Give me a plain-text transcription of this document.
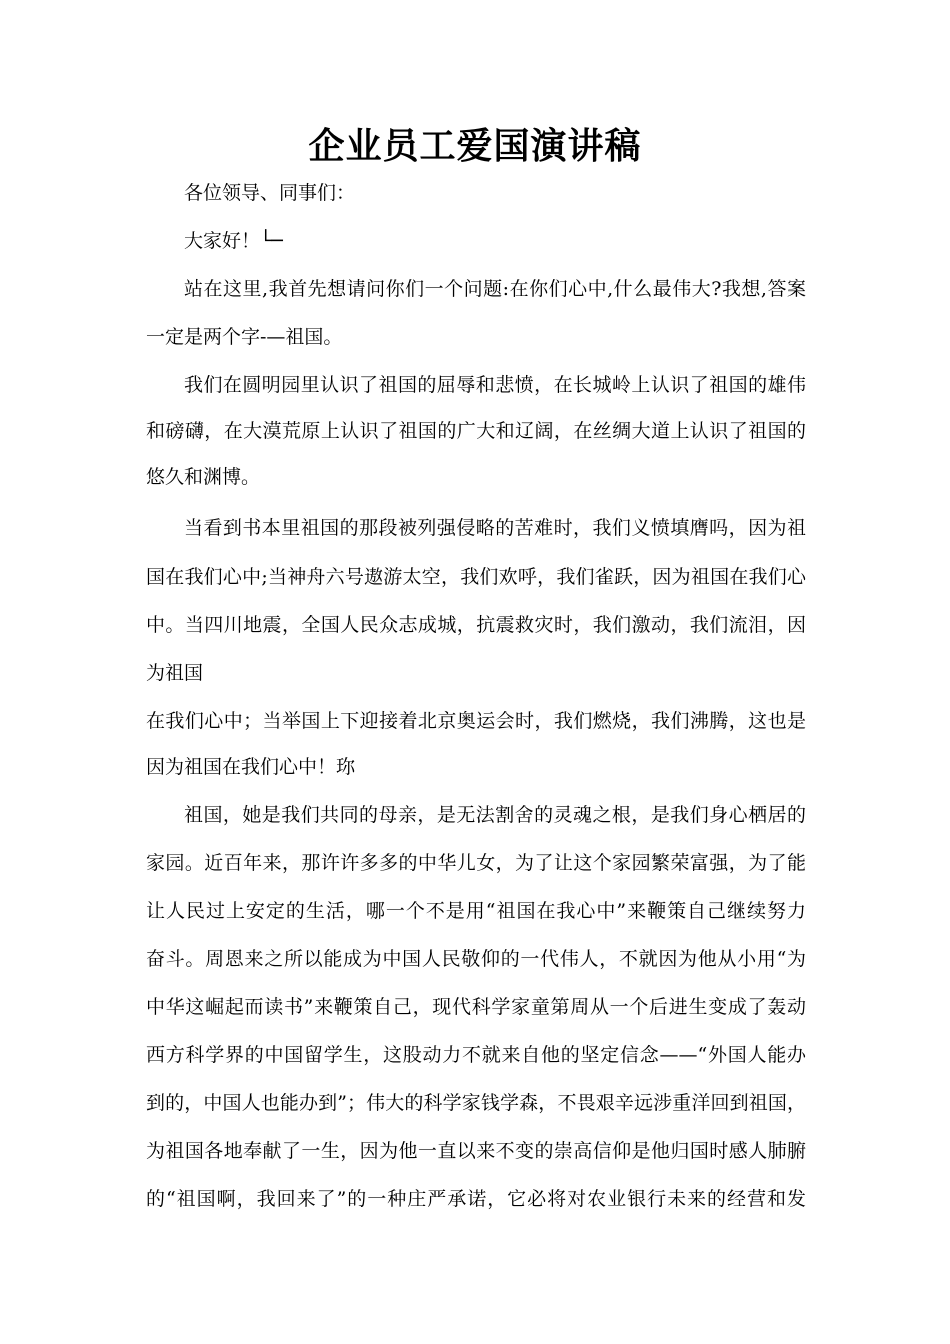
企业员工爱国演讲稿

各位领导、同事们：

大家好！└─

站在这里,我首先想请问你们一个问题:在你们心中,什么最伟大?我想,答案

一定是两个字-—祖国。

我们在圆明园里认识了祖国的屈辱和悲愤，在长城岭上认识了祖国的雄伟

和磅礴，在大漠荒原上认识了祖国的广大和辽阔，在丝绸大道上认识了祖国的

悠久和渊博。

当看到书本里祖国的那段被列强侵略的苦难时，我们义愤填膺吗，因为祖

国在我们心中;当神舟六号遨游太空，我们欢呼，我们雀跃，因为祖国在我们心

中。当四川地震，全国人民众志成城，抗震救灾时，我们激动，我们流泪，因

为祖国

在我们心中；当举国上下迎接着北京奥运会时，我们燃烧，我们沸腾，这也是

因为祖国在我们心中！珎

祖国，她是我们共同的母亲，是无法割舍的灵魂之根，是我们身心栖居的

家园。近百年来，那许许多多的中华儿女，为了让这个家园繁荣富强，为了能

让人民过上安定的生活，哪一个不是用“祖国在我心中”来鞭策自己继续努力

奋斗。周恩来之所以能成为中国人民敬仰的一代伟人，不就因为他从小用“为

中华这崛起而读书”来鞭策自己，现代科学家童第周从一个后进生变成了轰动

西方科学界的中国留学生，这股动力不就来自他的坚定信念——“外国人能办

到的，中国人也能办到”；伟大的科学家钱学森，不畏艰辛远涉重洋回到祖国，

为祖国各地奉献了一生，因为他一直以来不变的崇高信仰是他归国时感人肺腑

的“祖国啊，我回来了”的一种庄严承诺，它必将对农业银行未来的经营和发
